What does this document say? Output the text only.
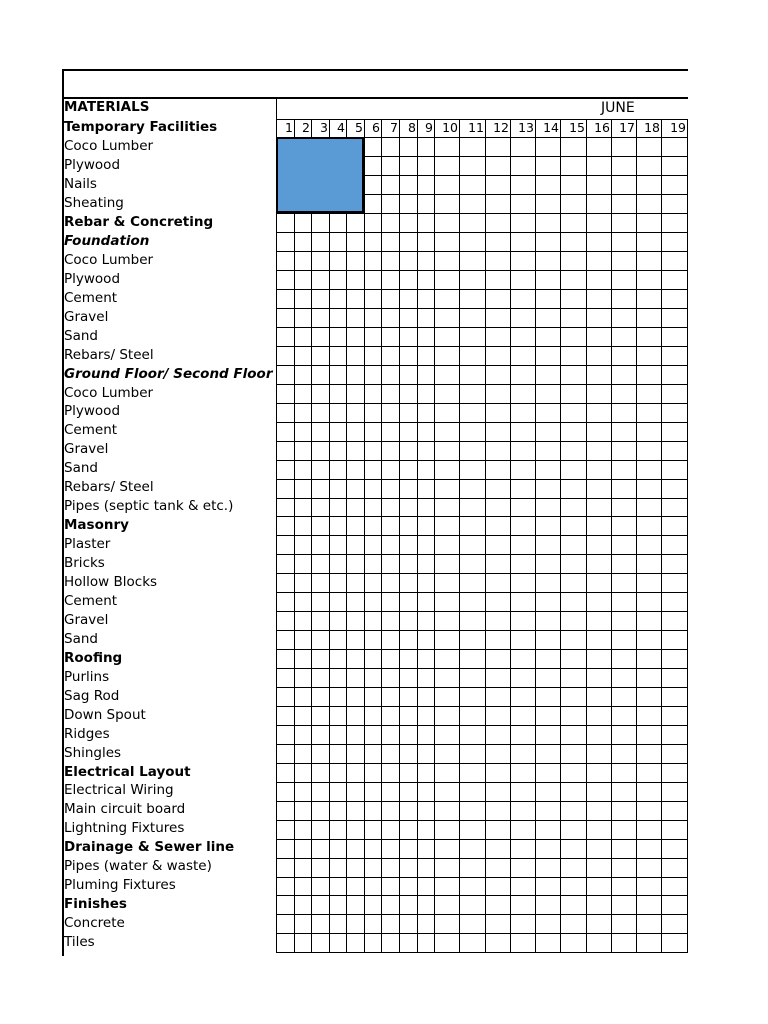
MATERIALS	JUNE
1 2 3 4 5 6 7 8 9 10 11 12 13 14 15 16 17 18 19
Temporary Facilities
Coco Lumber
Plywood
Nails
Sheating
Rebar & Concreting
Foundation
Coco Lumber
Plywood
Cement
Gravel
Sand
Rebars/ Steel
Ground Floor/ Second Floor
Coco Lumber
Plywood
Cement
Gravel
Sand
Rebars/ Steel
Pipes (septic tank & etc.)
Masonry
Plaster
Bricks
Hollow Blocks
Cement
Gravel
Sand
Roofing
Purlins
Sag Rod
Down Spout
Ridges
Shingles
Electrical Layout
Electrical Wiring
Main circuit board
Lightning Fixtures
Drainage & Sewer line
Pipes (water & waste)
Pluming Fixtures
Finishes
Concrete
Tiles
